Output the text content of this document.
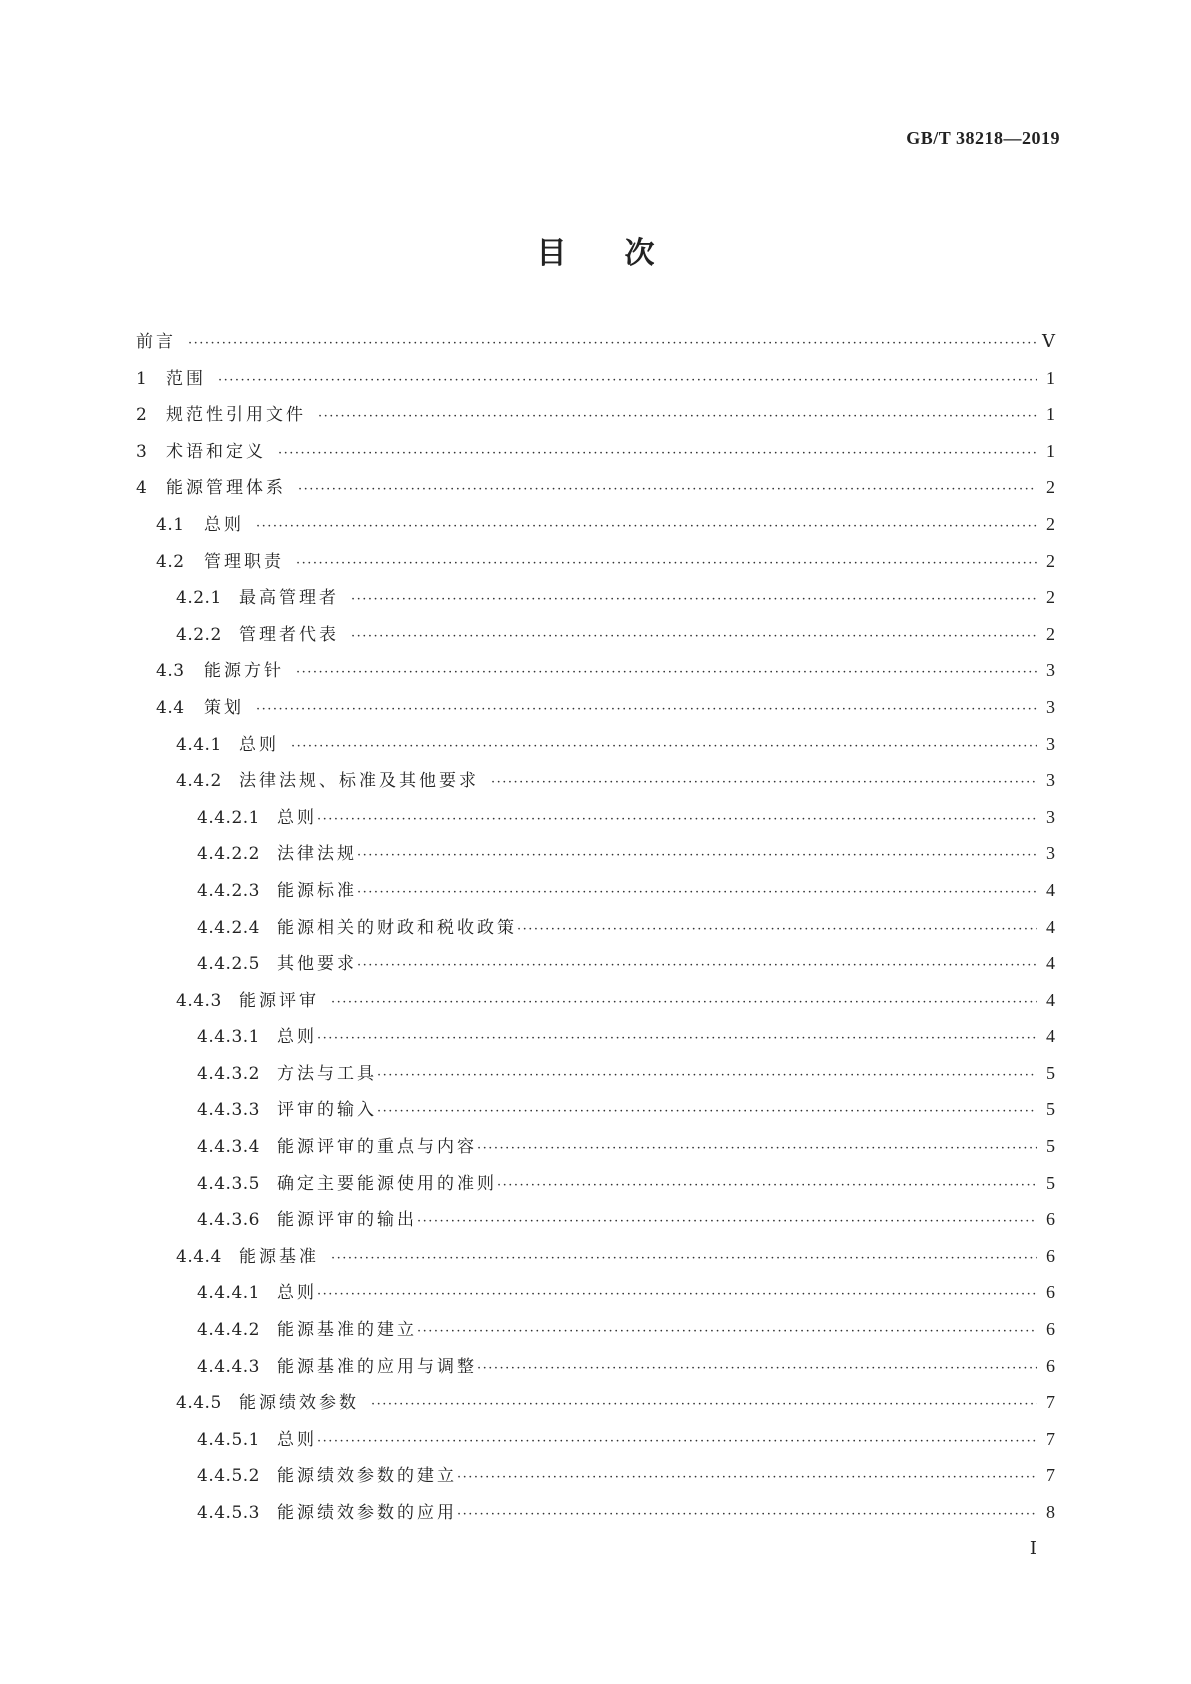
GB/T 38218—2019
目 次
前言 ·····	Ⅴ
1	范围 ·····	1
2	规范性引用文件 ·····	1
3	术语和定义 ·····	1
4	能源管理体系 ·····	2
4.1	总则 ·····	2
4.2	管理职责 ·····	2
4.2.1	最高管理者 ·····	2
4.2.2	管理者代表 ·····	2
4.3	能源方针 ·····	3
4.4	策划 ·····	3
4.4.1	总则 ·····	3
4.4.2	法律法规、标准及其他要求 ·····	3
4.4.2.1	总则 ·····	3
4.4.2.2	法律法规 ·····	3
4.4.2.3	能源标准 ·····	4
4.4.2.4	能源相关的财政和税收政策 ·····	4
4.4.2.5	其他要求 ·····	4
4.4.3	能源评审 ·····	4
4.4.3.1	总则 ·····	4
4.4.3.2	方法与工具 ·····	5
4.4.3.3	评审的输入 ·····	5
4.4.3.4	能源评审的重点与内容 ·····	5
4.4.3.5	确定主要能源使用的准则 ·····	5
4.4.3.6	能源评审的输出 ·····	6
4.4.4	能源基准 ·····	6
4.4.4.1	总则 ·····	6
4.4.4.2	能源基准的建立 ·····	6
4.4.4.3	能源基准的应用与调整 ·····	6
4.4.5	能源绩效参数 ·····	7
4.4.5.1	总则 ·····	7
4.4.5.2	能源绩效参数的建立 ·····	7
4.4.5.3	能源绩效参数的应用 ·····	8
Ⅰ
